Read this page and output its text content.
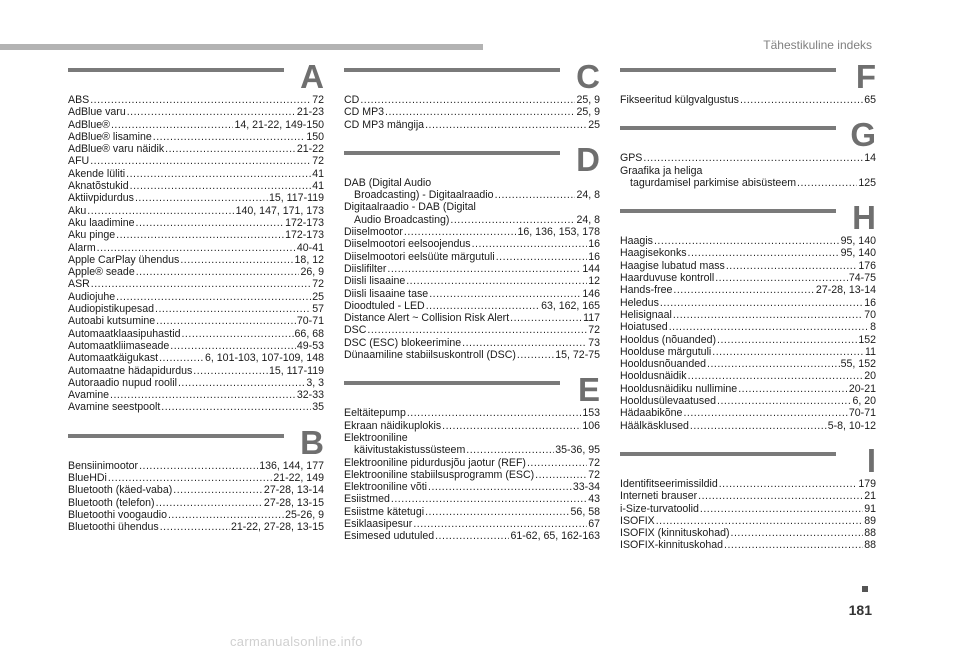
Tähestikuline indeks
A
ABS .....	72
AdBlue varu .....	21-23
AdBlue® .....	14, 21-22, 149-150
AdBlue® lisamine .....	150
AdBlue® varu näidik .....	21-22
AFU .....	72
Akende lüliti .....	41
Aknatõstukid .....	41
Aktiivpidurdus .....	15, 117-119
Aku .....	140, 147, 171, 173
Aku laadimine .....	172-173
Aku pinge .....	172-173
Alarm .....	40-41
Apple CarPlay ühendus .....	18, 12
Apple® seade .....	26, 9
ASR .....	72
Audiojuhe .....	25
Audiopistikupesad .....	57
Autoabi kutsumine .....	70-71
Automaatklaasipuhastid .....	66, 68
Automaatkliimaseade .....	49-53
Automaatkäigukast .....	6, 101-103, 107-109, 148
Automaatne hädapidurdus .....	15, 117-119
Autoraadio nupud roolil .....	3, 3
Avamine .....	32-33
Avamine seestpoolt .....	35
B
Bensiinimootor .....	136, 144, 177
BlueHDi .....	21-22, 149
Bluetooth (käed-vaba) .....	27-28, 13-14
Bluetooth (telefon) .....	27-28, 13-15
Bluetoothi voogaudio .....	25-26, 9
Bluetoothi ühendus .....	21-22, 27-28, 13-15
C
CD .....	25, 9
CD MP3 .....	25, 9
CD MP3 mängija .....	25
D
DAB (Digital Audio
Broadcasting) - Digitaalraadio .....	24, 8
Digitaalraadio - DAB (Digital
Audio Broadcasting) .....	24, 8
Diiselmootor .....	16, 136, 153, 178
Diiselmootori eelsoojendus .....	16
Diiselmootori eelsüüte märgutuli .....	16
Diislifilter .....	144
Diisli lisaaine .....	12
Diisli lisaaine tase .....	146
Dioodtuled - LED .....	63, 162, 165
Distance Alert ~ Collision Risk Alert .....	117
DSC .....	72
DSC (ESC) blokeerimine .....	73
Dünaamiline stabiilsuskontroll (DSC) .....	15, 72-75
E
Eeltäitepump .....	153
Ekraan näidikuplokis .....	106
Elektrooniline
käivitustakistussüsteem .....	35-36, 95
Elektrooniline pidurdusjõu jaotur (REF) .....	72
Elektrooniline stabiilsusprogramm (ESC) .....	72
Elektrooniline võti .....	33-34
Esiistmed .....	43
Esiistme kätetugi .....	56, 58
Esiklaasipesur .....	67
Esimesed udutuled .....	61-62, 65, 162-163
F
Fikseeritud külgvalgustus .....	65
G
GPS .....	14
Graafika ja heliga
tagurdamisel parkimise abisüsteem .....	125
H
Haagis .....	95, 140
Haagisekonks .....	95, 140
Haagise lubatud mass .....	176
Haarduvuse kontroll .....	74-75
Hands-free .....	27-28, 13-14
Heledus .....	16
Helisignaal .....	70
Hoiatused .....	8
Hooldus (nõuanded) .....	152
Hoolduse märgutuli .....	11
Hooldusnõuanded .....	55, 152
Hooldusnäidik .....	20
Hooldusnäidiku nullimine .....	20-21
Hooldusülevaatused .....	6, 20
Hädaabikõne .....	70-71
Häälkäsklused .....	5-8, 10-12
I
Identifitseerimissildid .....	179
Interneti brauser .....	21
i-Size-turvatoolid .....	91
ISOFIX .....	89
ISOFIX (kinnituskohad) .....	88
ISOFIX-kinnituskohad .....	88
181
carmanualsonline.info
